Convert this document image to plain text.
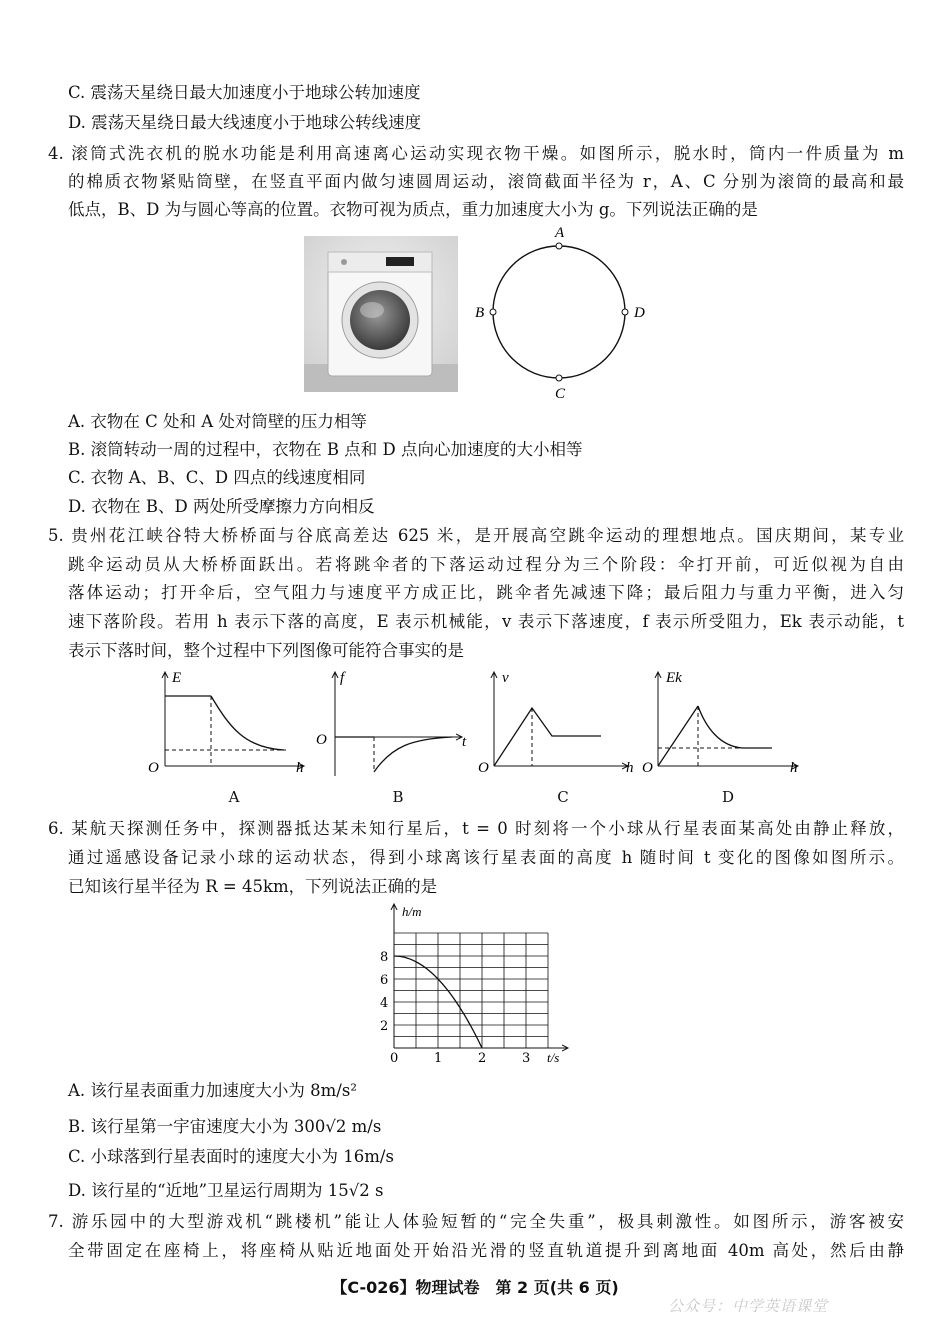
C. 震荡天星绕日最大加速度小于地球公转加速度
D. 震荡天星绕日最大线速度小于地球公转线速度
4. 滚筒式洗衣机的脱水功能是利用高速离心运动实现衣物干燥。如图所示，脱水时，筒内一件质量为 m
的棉质衣物紧贴筒壁，在竖直平面内做匀速圆周运动，滚筒截面半径为 r，A、C 分别为滚筒的最高和最
低点，B、D 为与圆心等高的位置。衣物可视为质点，重力加速度大小为 g。下列说法正确的是
A
B
C
D
A. 衣物在 C 处和 A 处对筒壁的压力相等
B. 滚筒转动一周的过程中，衣物在 B 点和 D 点向心加速度的大小相等
C. 衣物 A、B、C、D 四点的线速度相同
D. 衣物在 B、D 两处所受摩擦力方向相反
5. 贵州花江峡谷特大桥桥面与谷底高差达 625 米，是开展高空跳伞运动的理想地点。国庆期间，某专业
跳伞运动员从大桥桥面跃出。若将跳伞者的下落运动过程分为三个阶段：伞打开前，可近似视为自由
落体运动；打开伞后，空气阻力与速度平方成正比，跳伞者先减速下降；最后阻力与重力平衡，进入匀
速下落阶段。若用 h 表示下落的高度，E 表示机械能，v 表示下落速度，f 表示所受阻力，Ek 表示动能，t
表示下落时间，整个过程中下列图像可能符合事实的是
E
O	h
A
f
O	t
B
v
O	h
C
Ek
O	h
D
6. 某航天探测任务中，探测器抵达某未知行星后，t = 0 时刻将一个小球从行星表面某高处由静止释放，
通过遥感设备记录小球的运动状态，得到小球离该行星表面的高度 h 随时间 t 变化的图像如图所示。
已知该行星半径为 R = 45km，下列说法正确的是
0	1	2	3
2
4
6
8
h/m
t/s
A. 该行星表面重力加速度大小为 8m/s²
B. 该行星第一宇宙速度大小为 300√2 m/s
C. 小球落到行星表面时的速度大小为 16m/s
D. 该行星的“近地”卫星运行周期为 15√2 s
7. 游乐园中的大型游戏机“跳楼机”能让人体验短暂的“完全失重”，极具刺激性。如图所示，游客被安
全带固定在座椅上，将座椅从贴近地面处开始沿光滑的竖直轨道提升到离地面 40m 高处，然后由静
【C-026】物理试卷　第 2 页(共 6 页)
公众号：中学英语课堂
